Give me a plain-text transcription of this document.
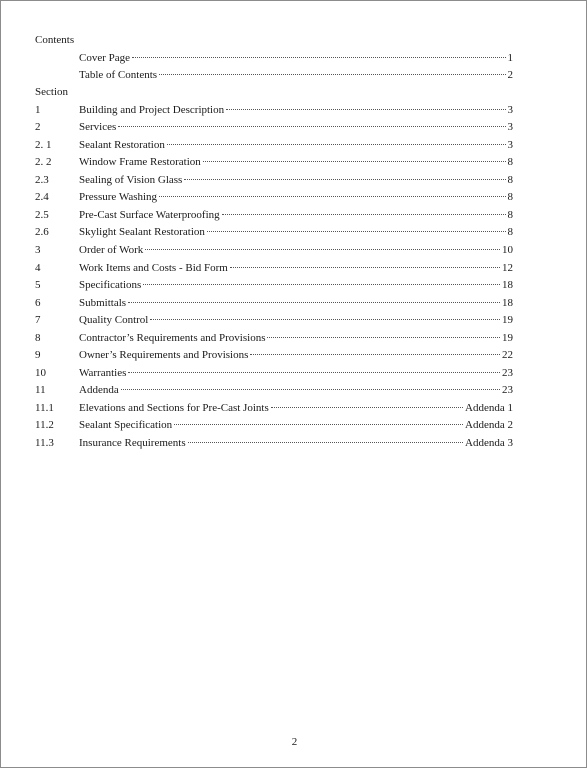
Contents
Cover Page	1
Table of Contents	2
Section
1	Building and Project Description	3
2	Services	3
2. 1	Sealant Restoration	3
2. 2	Window Frame Restoration	8
2.3	Sealing of Vision Glass	8
2.4	Pressure Washing	8
2.5	Pre-Cast Surface Waterproofing	8
2.6	Skylight Sealant Restoration	8
3	Order of Work	10
4	Work Items and Costs - Bid Form	12
5	Specifications	18
6	Submittals	18
7	Quality Control	19
8	Contractor’s Requirements and Provisions	19
9	Owner’s Requirements and Provisions	22
10	Warranties	23
11	Addenda	23
11.1	Elevations and Sections for Pre-Cast Joints	Addenda 1
11.2	Sealant Specification	Addenda 2
11.3	Insurance Requirements	Addenda 3
2
